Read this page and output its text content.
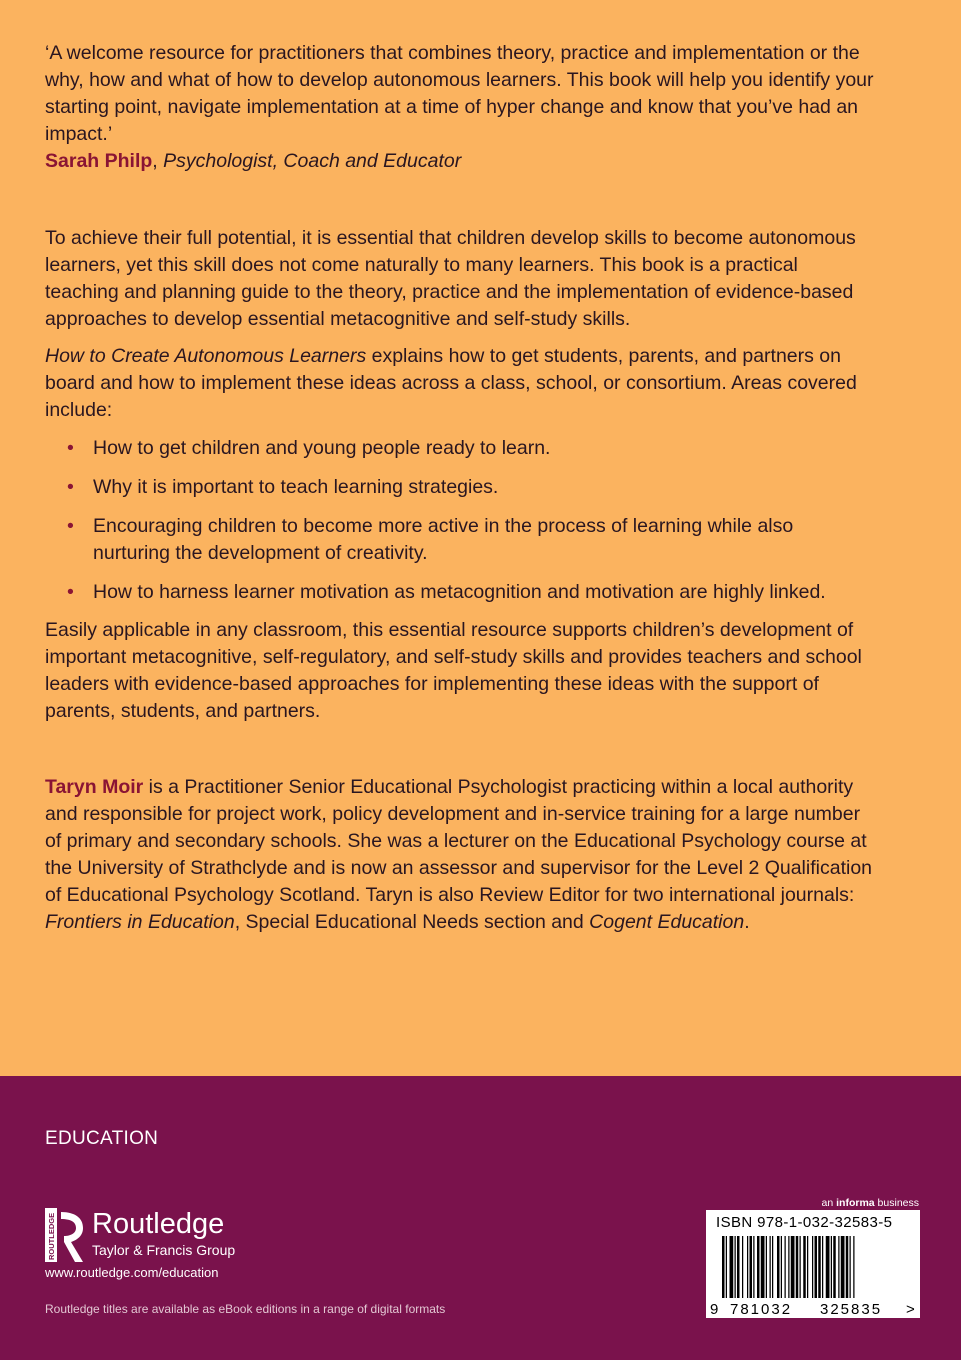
‘A welcome resource for practitioners that combines theory, practice and implementation or the why, how and what of how to develop autonomous learners. This book will help you identify your starting point, navigate implementation at a time of hyper change and know that you’ve had an impact.’

Sarah Philp, Psychologist, Coach and Educator

To achieve their full potential, it is essential that children develop skills to become autonomous learners, yet this skill does not come naturally to many learners. This book is a practical teaching and planning guide to the theory, practice and the implementation of evidence-based approaches to develop essential metacognitive and self-study skills.

How to Create Autonomous Learners explains how to get students, parents, and partners on board and how to implement these ideas across a class, school, or consortium. Areas covered include:

• How to get children and young people ready to learn.
• Why it is important to teach learning strategies.
• Encouraging children to become more active in the process of learning while also nurturing the development of creativity.
• How to harness learner motivation as metacognition and motivation are highly linked.

Easily applicable in any classroom, this essential resource supports children’s development of important metacognitive, self-regulatory, and self-study skills and provides teachers and school leaders with evidence-based approaches for implementing these ideas with the support of parents, students, and partners.

Taryn Moir is a Practitioner Senior Educational Psychologist practicing within a local authority and responsible for project work, policy development and in-service training for a large number of primary and secondary schools. She was a lecturer on the Educational Psychology course at the University of Strathclyde and is now an assessor and supervisor for the Level 2 Qualification of Educational Psychology Scotland. Taryn is also Review Editor for two international journals: Frontiers in Education, Special Educational Needs section and Cogent Education.

EDUCATION
ROUTLEDGE Routledge
Taylor & Francis Group
www.routledge.com/education
Routledge titles are available as eBook editions in a range of digital formats
an informa business
ISBN 978-1-032-32583-5
9 781032 325835 >
